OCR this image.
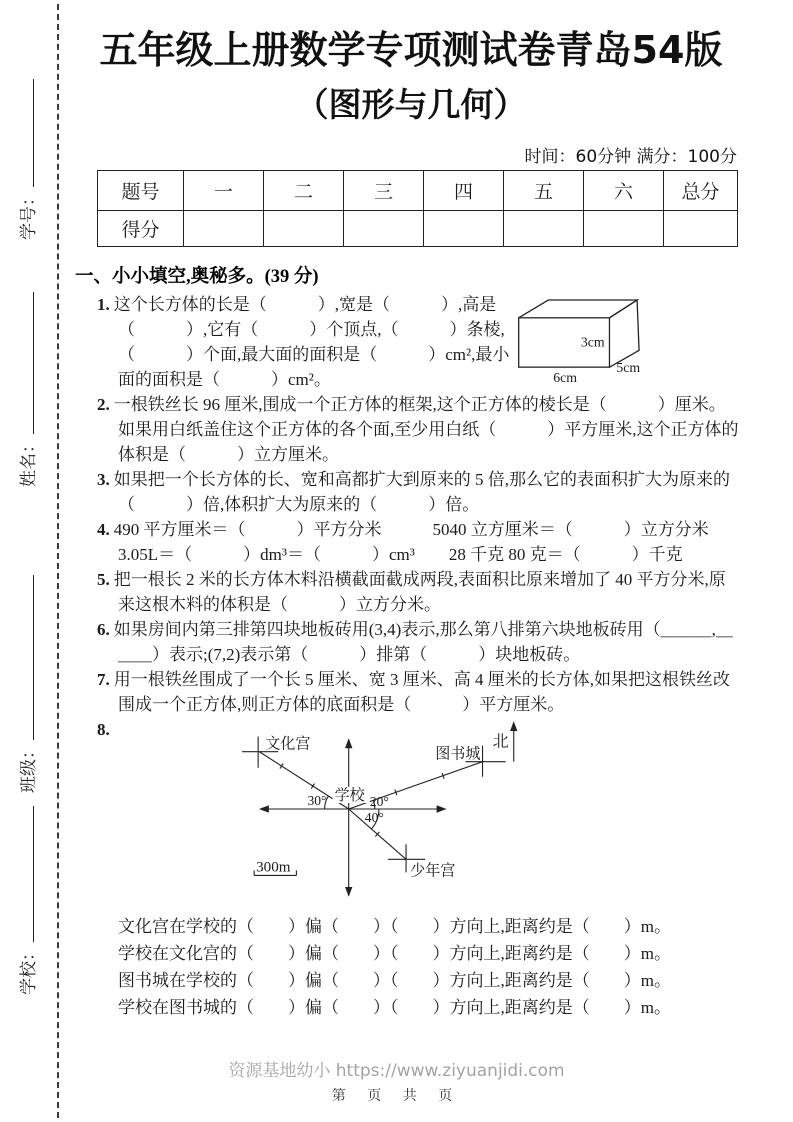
学号：
姓名：
班级：
学校：
五年级上册数学专项测试卷青岛54版
（图形与几何）
时间：60分钟 满分：100分
题号	一	二	三	四	五	六	总分
得分							
一、小小填空,奥秘多。(39 分)
3cm
5cm
6cm
1. 这个长方体的长是（　　　）,宽是（　　　）,高是（　　　）,它有（　　　）个顶点,（　　　）条棱,（　　　）个面,最大面的面积是（　　　）cm²,最小面的面积是（　　　）cm²。
2. 一根铁丝长 96 厘米,围成一个正方体的框架,这个正方体的棱长是（　　　）厘米。如果用白纸盖住这个正方体的各个面,至少用白纸（　　　）平方厘米,这个正方体的体积是（　　　）立方厘米。
3. 如果把一个长方体的长、宽和高都扩大到原来的 5 倍,那么它的表面积扩大为原来的（　　　）倍,体积扩大为原来的（　　　）倍。
4. 490 平方厘米＝（　　　）平方分米　　　5040 立方厘米＝（　　　）立方分米
3.05L＝（　　　）dm³＝（　　　）cm³　　28 千克 80 克＝（　　　）千克
5. 把一根长 2 米的长方体木料沿横截面截成两段,表面积比原来增加了 40 平方分米,原来这根木料的体积是（　　　）立方分米。
6. 如果房间内第三排第四块地板砖用(3,4)表示,那么第八排第六块地板砖用（＿＿＿,＿＿＿）表示;(7,2)表示第（　　　）排第（　　　）块地板砖。
7. 用一根铁丝围成了一个长 5 厘米、宽 3 厘米、高 4 厘米的长方体,如果把这根铁丝改围成一个正方体,则正方体的底面积是（　　　）平方厘米。
8.
学校
文化宫
图书城
少年宫
北
30°	20°
40°
300m
文化宫在学校的（　　）偏（　　）（　　）方向上,距离约是（　　）m。
学校在文化宫的（　　）偏（　　）（　　）方向上,距离约是（　　）m。
图书城在学校的（　　）偏（　　）（　　）方向上,距离约是（　　）m。
学校在图书城的（　　）偏（　　）（　　）方向上,距离约是（　　）m。
资源基地幼小 https://www.ziyuanjidi.com
第 页 共 页
